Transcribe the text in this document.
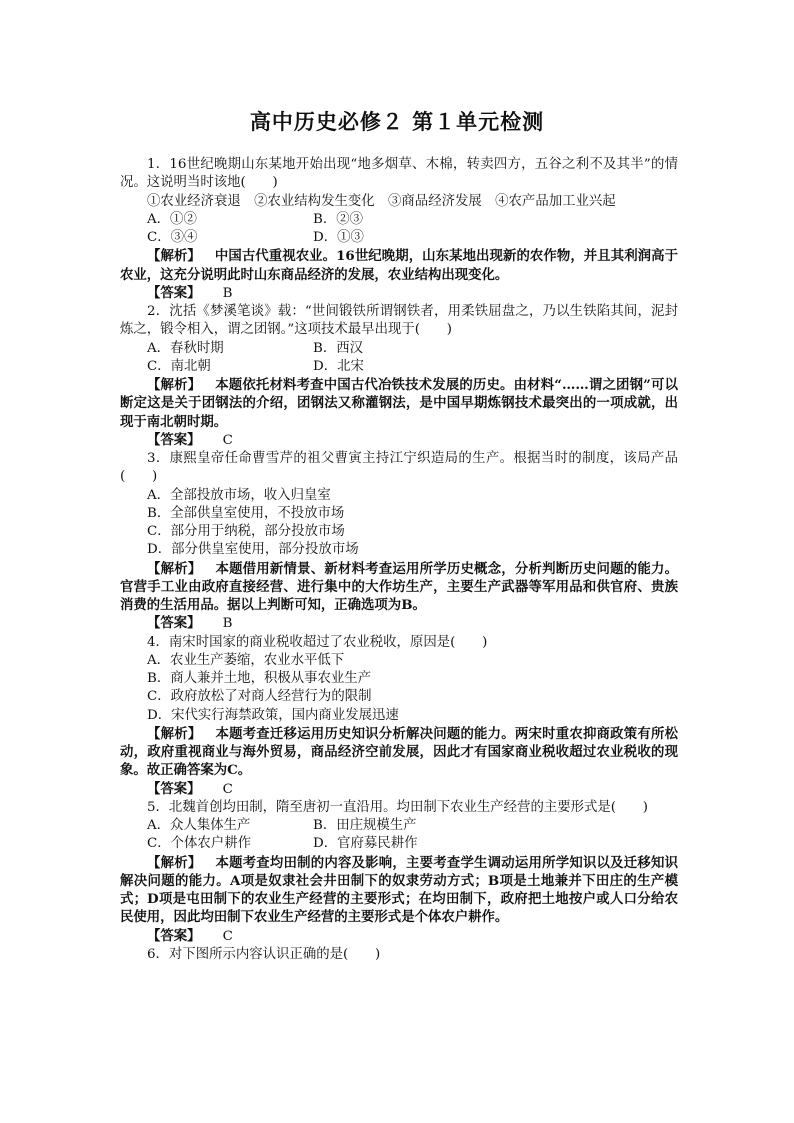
高中历史必修２ 第１单元检测

1．16世纪晚期山东某地开始出现“地多烟草、木棉，转卖四方，五谷之利不及其半”的情况。这说明当时该地(　　)

①农业经济衰退　②农业结构发生变化　③商品经济发展　④农产品加工业兴起

A．①②	B．②③
C．③④	D．①③

【解析】 中国古代重视农业。16世纪晚期，山东某地出现新的农作物，并且其利润高于农业，这充分说明此时山东商品经济的发展，农业结构出现变化。

【答案】 B

2．沈括《梦溪笔谈》载：“世间锻铁所谓钢铁者，用柔铁屈盘之，乃以生铁陷其间，泥封炼之，锻令相入，谓之团钢。”这项技术最早出现于(　　)

A．春秋时期	B．西汉
C．南北朝	D．北宋

【解析】 本题依托材料考查中国古代冶铁技术发展的历史。由材料“……谓之团钢”可以断定这是关于团钢法的介绍，团钢法又称灌钢法，是中国早期炼钢技术最突出的一项成就，出现于南北朝时期。

【答案】 C

3．康熙皇帝任命曹雪芹的祖父曹寅主持江宁织造局的生产。根据当时的制度，该局产品(　　)

A．全部投放市场，收入归皇室

B．全部供皇室使用，不投放市场

C．部分用于纳税，部分投放市场

D．部分供皇室使用，部分投放市场

【解析】 本题借用新情景、新材料考查运用所学历史概念，分析判断历史问题的能力。官营手工业由政府直接经营、进行集中的大作坊生产，主要生产武器等军用品和供官府、贵族消费的生活用品。据以上判断可知，正确选项为B。

【答案】 B

4．南宋时国家的商业税收超过了农业税收，原因是(　　)

A．农业生产萎缩，农业水平低下

B．商人兼并土地，积极从事农业生产

C．政府放松了对商人经营行为的限制

D．宋代实行海禁政策，国内商业发展迅速

【解析】 本题考查迁移运用历史知识分析解决问题的能力。两宋时重农抑商政策有所松动，政府重视商业与海外贸易，商品经济空前发展，因此才有国家商业税收超过农业税收的现象。故正确答案为C。

【答案】 C

5．北魏首创均田制，隋至唐初一直沿用。均田制下农业生产经营的主要形式是(　　)

A．众人集体生产	B．田庄规模生产
C．个体农户耕作	D．官府募民耕作

【解析】 本题考查均田制的内容及影响，主要考查学生调动运用所学知识以及迁移知识解决问题的能力。A项是奴隶社会井田制下的奴隶劳动方式；B项是土地兼并下田庄的生产模式；D项是屯田制下的农业生产经营的主要形式；在均田制下，政府把土地按户或人口分给农民使用，因此均田制下农业生产经营的主要形式是个体农户耕作。

【答案】 C

6．对下图所示内容认识正确的是(　　)
